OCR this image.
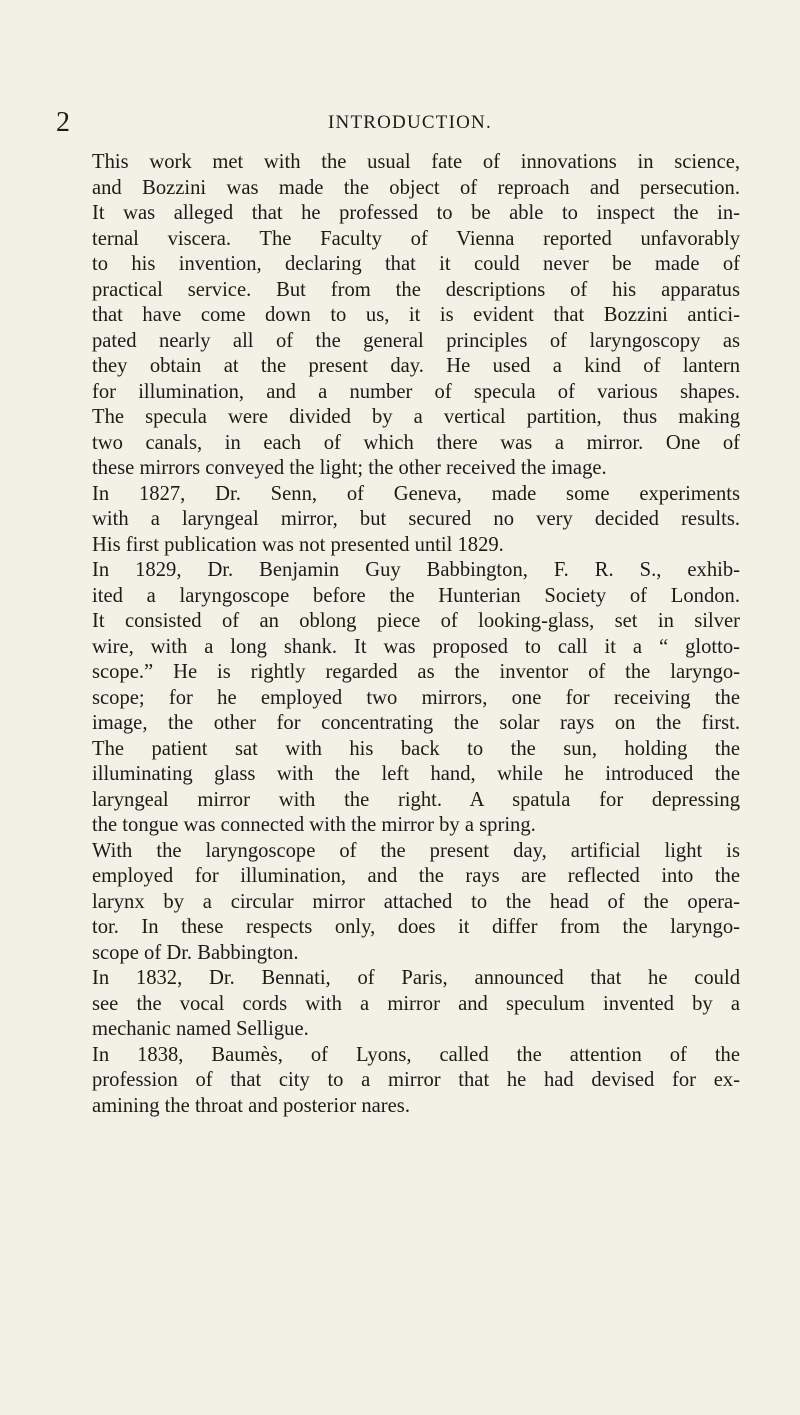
2	INTRODUCTION.

This work met with the usual fate of innovations in science,
and Bozzini was made the object of reproach and persecution.
It was alleged that he professed to be able to inspect the in-
ternal viscera. The Faculty of Vienna reported unfavorably
to his invention, declaring that it could never be made of
practical service. But from the descriptions of his apparatus
that have come down to us, it is evident that Bozzini antici-
pated nearly all of the general principles of laryngoscopy as
they obtain at the present day. He used a kind of lantern
for illumination, and a number of specula of various shapes.
The specula were divided by a vertical partition, thus making
two canals, in each of which there was a mirror. One of
these mirrors conveyed the light; the other received the image.

In 1827, Dr. Senn, of Geneva, made some experiments
with a laryngeal mirror, but secured no very decided results.
His first publication was not presented until 1829.

In 1829, Dr. Benjamin Guy Babbington, F. R. S., exhib-
ited a laryngoscope before the Hunterian Society of London.
It consisted of an oblong piece of looking-glass, set in silver
wire, with a long shank. It was proposed to call it a “ glotto-
scope.” He is rightly regarded as the inventor of the laryngo-
scope; for he employed two mirrors, one for receiving the
image, the other for concentrating the solar rays on the first.
The patient sat with his back to the sun, holding the
illuminating glass with the left hand, while he introduced the
laryngeal mirror with the right. A spatula for depressing
the tongue was connected with the mirror by a spring.

With the laryngoscope of the present day, artificial light is
employed for illumination, and the rays are reflected into the
larynx by a circular mirror attached to the head of the opera-
tor. In these respects only, does it differ from the laryngo-
scope of Dr. Babbington.

In 1832, Dr. Bennati, of Paris, announced that he could
see the vocal cords with a mirror and speculum invented by a
mechanic named Selligue.

In 1838, Baumès, of Lyons, called the attention of the
profession of that city to a mirror that he had devised for ex-
amining the throat and posterior nares.
